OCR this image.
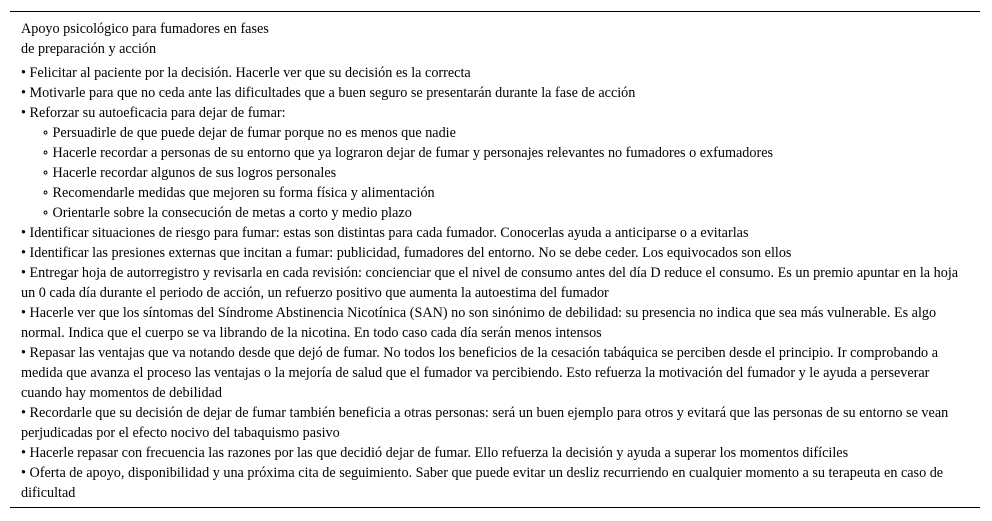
Apoyo psicológico para fumadores en fases
de preparación y acción

• Felicitar al paciente por la decisión. Hacerle ver que su decisión es la correcta
• Motivarle para que no ceda ante las dificultades que a buen seguro se presentarán durante la fase de acción
• Reforzar su autoeficacia para dejar de fumar:
∘ Persuadirle de que puede dejar de fumar porque no es menos que nadie
∘ Hacerle recordar a personas de su entorno que ya lograron dejar de fumar y personajes relevantes no fumadores o exfumadores
∘ Hacerle recordar algunos de sus logros personales
∘ Recomendarle medidas que mejoren su forma física y alimentación
∘ Orientarle sobre la consecución de metas a corto y medio plazo
• Identificar situaciones de riesgo para fumar: estas son distintas para cada fumador. Conocerlas ayuda a anticiparse o a evitarlas
• Identificar las presiones externas que incitan a fumar: publicidad, fumadores del entorno. No se debe ceder. Los equivocados son ellos
• Entregar hoja de autorregistro y revisarla en cada revisión: concienciar que el nivel de consumo antes del día D reduce el consumo. Es un premio apuntar en la hoja un 0 cada día durante el periodo de acción, un refuerzo positivo que aumenta la autoestima del fumador
• Hacerle ver que los síntomas del Síndrome Abstinencia Nicotínica (SAN) no son sinónimo de debilidad: su presencia no indica que sea más vulnerable. Es algo normal. Indica que el cuerpo se va librando de la nicotina. En todo caso cada día serán menos intensos
• Repasar las ventajas que va notando desde que dejó de fumar. No todos los beneficios de la cesación tabáquica se perciben desde el principio. Ir comprobando a medida que avanza el proceso las ventajas o la mejoría de salud que el fumador va percibiendo. Esto refuerza la motivación del fumador y le ayuda a perseverar cuando hay momentos de debilidad
• Recordarle que su decisión de dejar de fumar también beneficia a otras personas: será un buen ejemplo para otros y evitará que las personas de su entorno se vean perjudicadas por el efecto nocivo del tabaquismo pasivo
• Hacerle repasar con frecuencia las razones por las que decidió dejar de fumar. Ello refuerza la decisión y ayuda a superar los momentos difíciles
• Oferta de apoyo, disponibilidad y una próxima cita de seguimiento. Saber que puede evitar un desliz recurriendo en cualquier momento a su terapeuta en caso de dificultad
